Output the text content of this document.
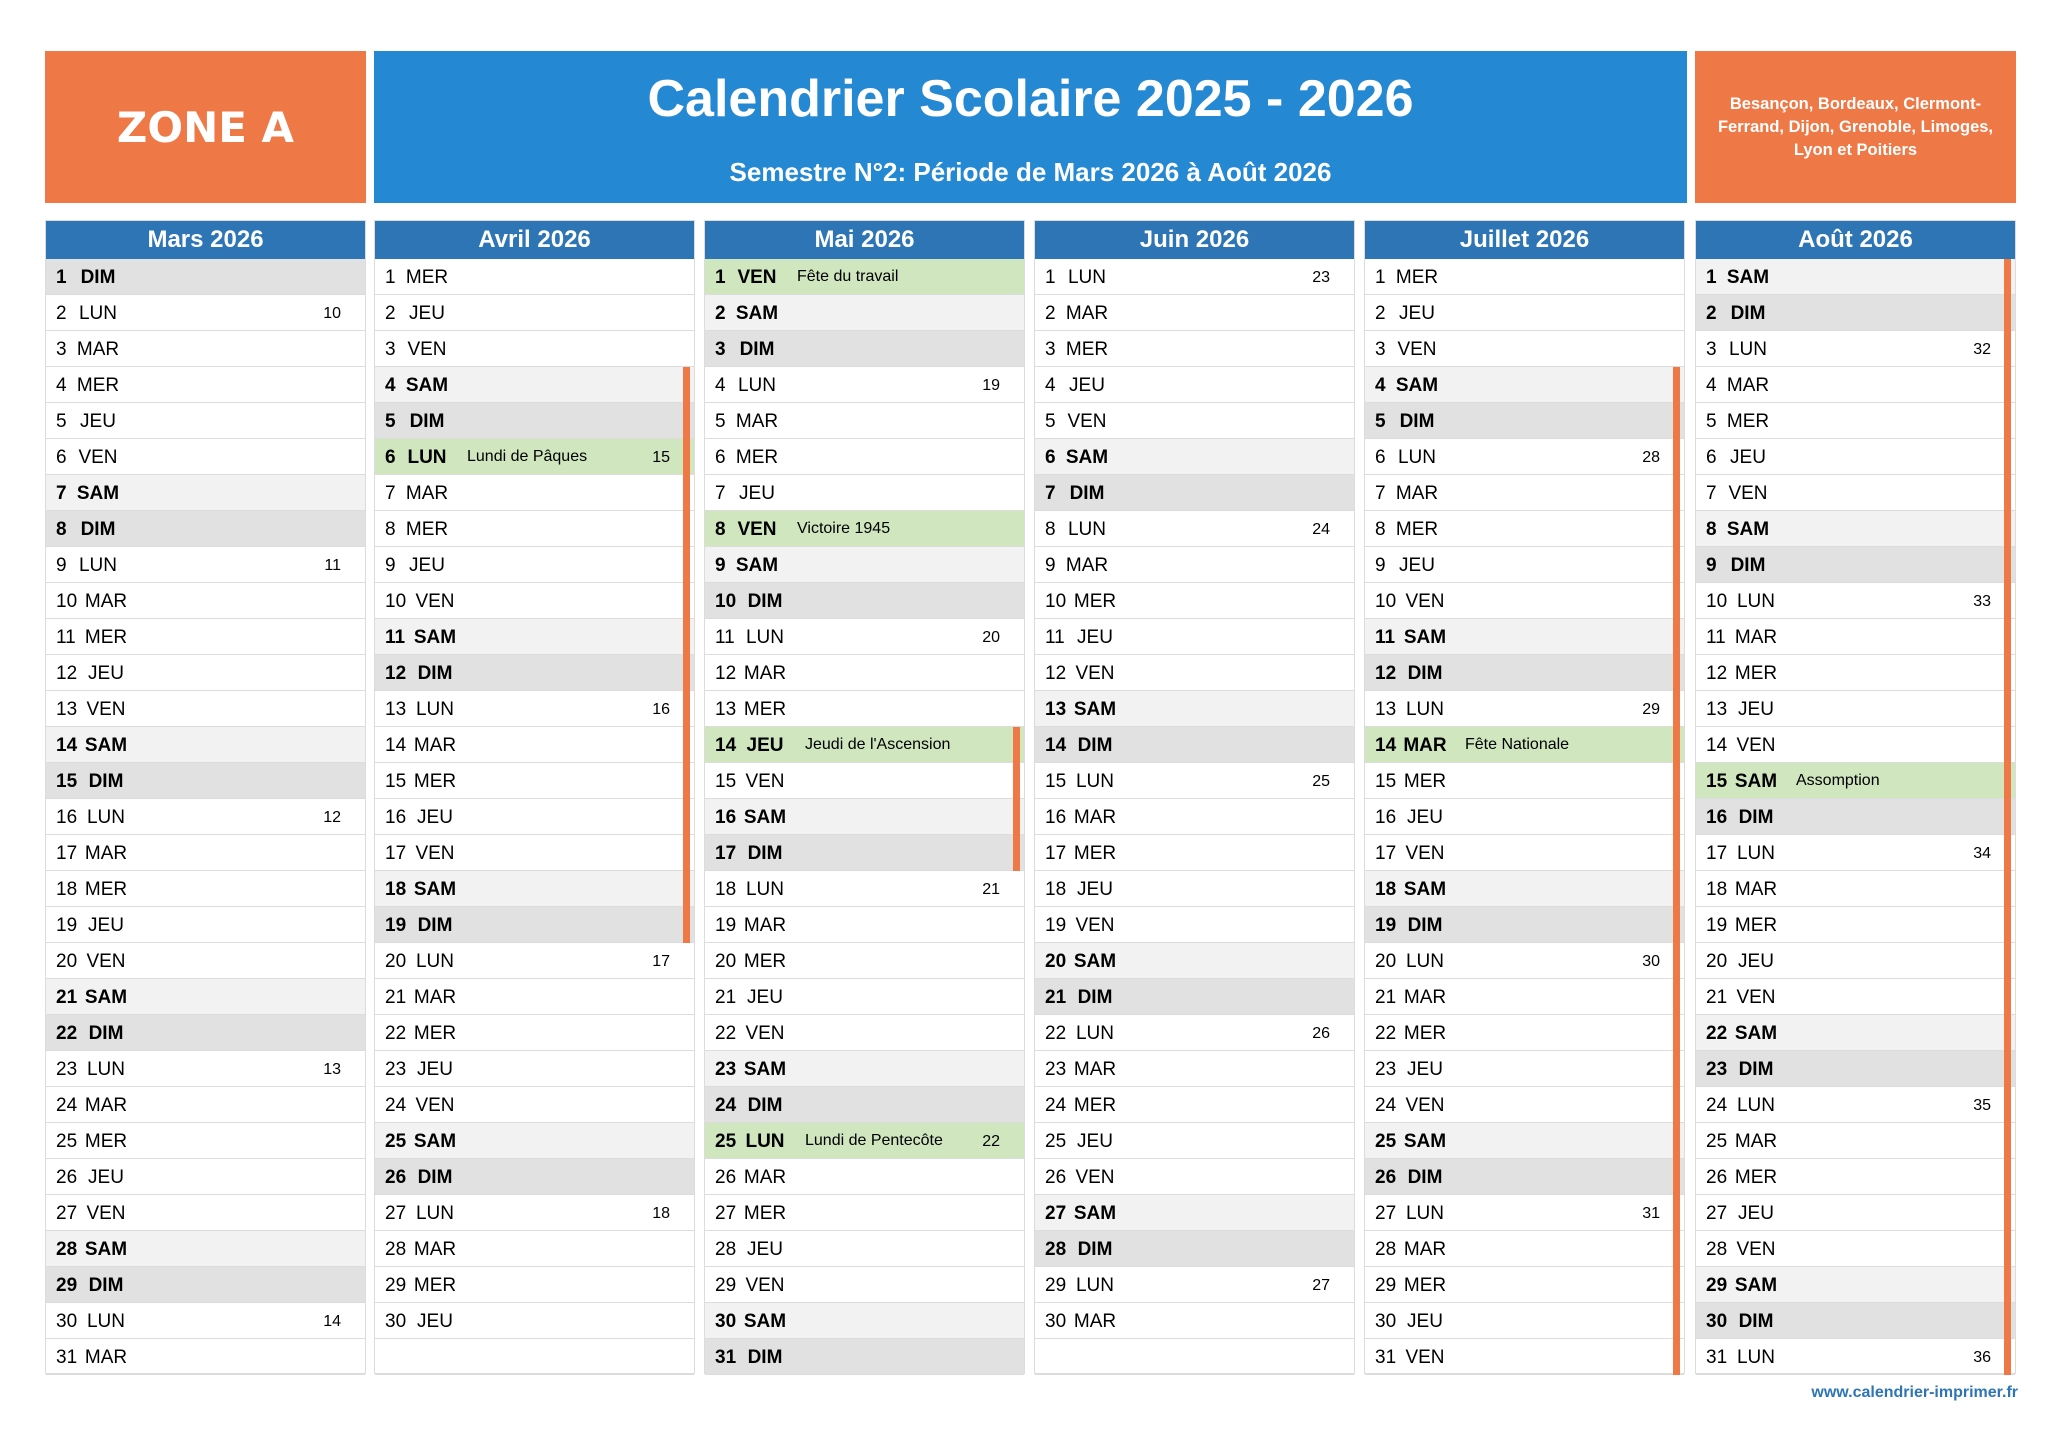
ZONE A	Calendrier Scolaire 2025 - 2026
Semestre N°2: Période de Mars 2026 à Août 2026
Besançon, Bordeaux, Clermont-Ferrand, Dijon, Grenoble, Limoges, Lyon et Poitiers
Mars 2026
1 DIM
2 LUN	10
3 MAR
4 MER
5 JEU
6 VEN
7 SAM
8 DIM
9 LUN	11
10 MAR
11 MER
12 JEU
13 VEN
14 SAM
15 DIM
16 LUN	12
17 MAR
18 MER
19 JEU
20 VEN
21 SAM
22 DIM
23 LUN	13
24 MAR
25 MER
26 JEU
27 VEN
28 SAM
29 DIM
30 LUN	14
31 MAR
Avril 2026
1 MER
2 JEU
3 VEN
4 SAM
5 DIM
6 LUN	Lundi de Pâques	15
7 MAR
8 MER
9 JEU
10 VEN
11 SAM
12 DIM
13 LUN	16
14 MAR
15 MER
16 JEU
17 VEN
18 SAM
19 DIM
20 LUN	17
21 MAR
22 MER
23 JEU
24 VEN
25 SAM
26 DIM
27 LUN	18
28 MAR
29 MER
30 JEU
Mai 2026
1 VEN	Fête du travail
2 SAM
3 DIM
4 LUN	19
5 MAR
6 MER
7 JEU
8 VEN	Victoire 1945
9 SAM
10 DIM
11 LUN	20
12 MAR
13 MER
14 JEU	Jeudi de l'Ascension
15 VEN
16 SAM
17 DIM
18 LUN	21
19 MAR
20 MER
21 JEU
22 VEN
23 SAM
24 DIM
25 LUN	Lundi de Pentecôte 22
26 MAR
27 MER
28 JEU
29 VEN
30 SAM
31 DIM
Juin 2026
1 LUN	23
2 MAR
3 MER
4 JEU
5 VEN
6 SAM
7 DIM
8 LUN	24
9 MAR
10 MER
11 JEU
12 VEN
13 SAM
14 DIM
15 LUN	25
16 MAR
17 MER
18 JEU
19 VEN
20 SAM
21 DIM
22 LUN	26
23 MAR
24 MER
25 JEU
26 VEN
27 SAM
28 DIM
29 LUN	27
30 MAR
Juillet 2026
1 MER
2 JEU
3 VEN
4 SAM
5 DIM
6 LUN	28
7 MAR
8 MER
9 JEU
10 VEN
11 SAM
12 DIM
13 LUN	29
14 MAR	Fête Nationale
15 MER
16 JEU
17 VEN
18 SAM
19 DIM
20 LUN	30
21 MAR
22 MER
23 JEU
24 VEN
25 SAM
26 DIM
27 LUN	31
28 MAR
29 MER
30 JEU
31 VEN
Août 2026
1 SAM
2 DIM
3 LUN	32
4 MAR
5 MER
6 JEU
7 VEN
8 SAM
9 DIM
10 LUN	33
11 MAR
12 MER
13 JEU
14 VEN
15 SAM	Assomption
16 DIM
17 LUN	34
18 MAR
19 MER
20 JEU
21 VEN
22 SAM
23 DIM
24 LUN	35
25 MAR
26 MER
27 JEU
28 VEN
29 SAM
30 DIM
31 LUN	36
www.calendrier-imprimer.fr
